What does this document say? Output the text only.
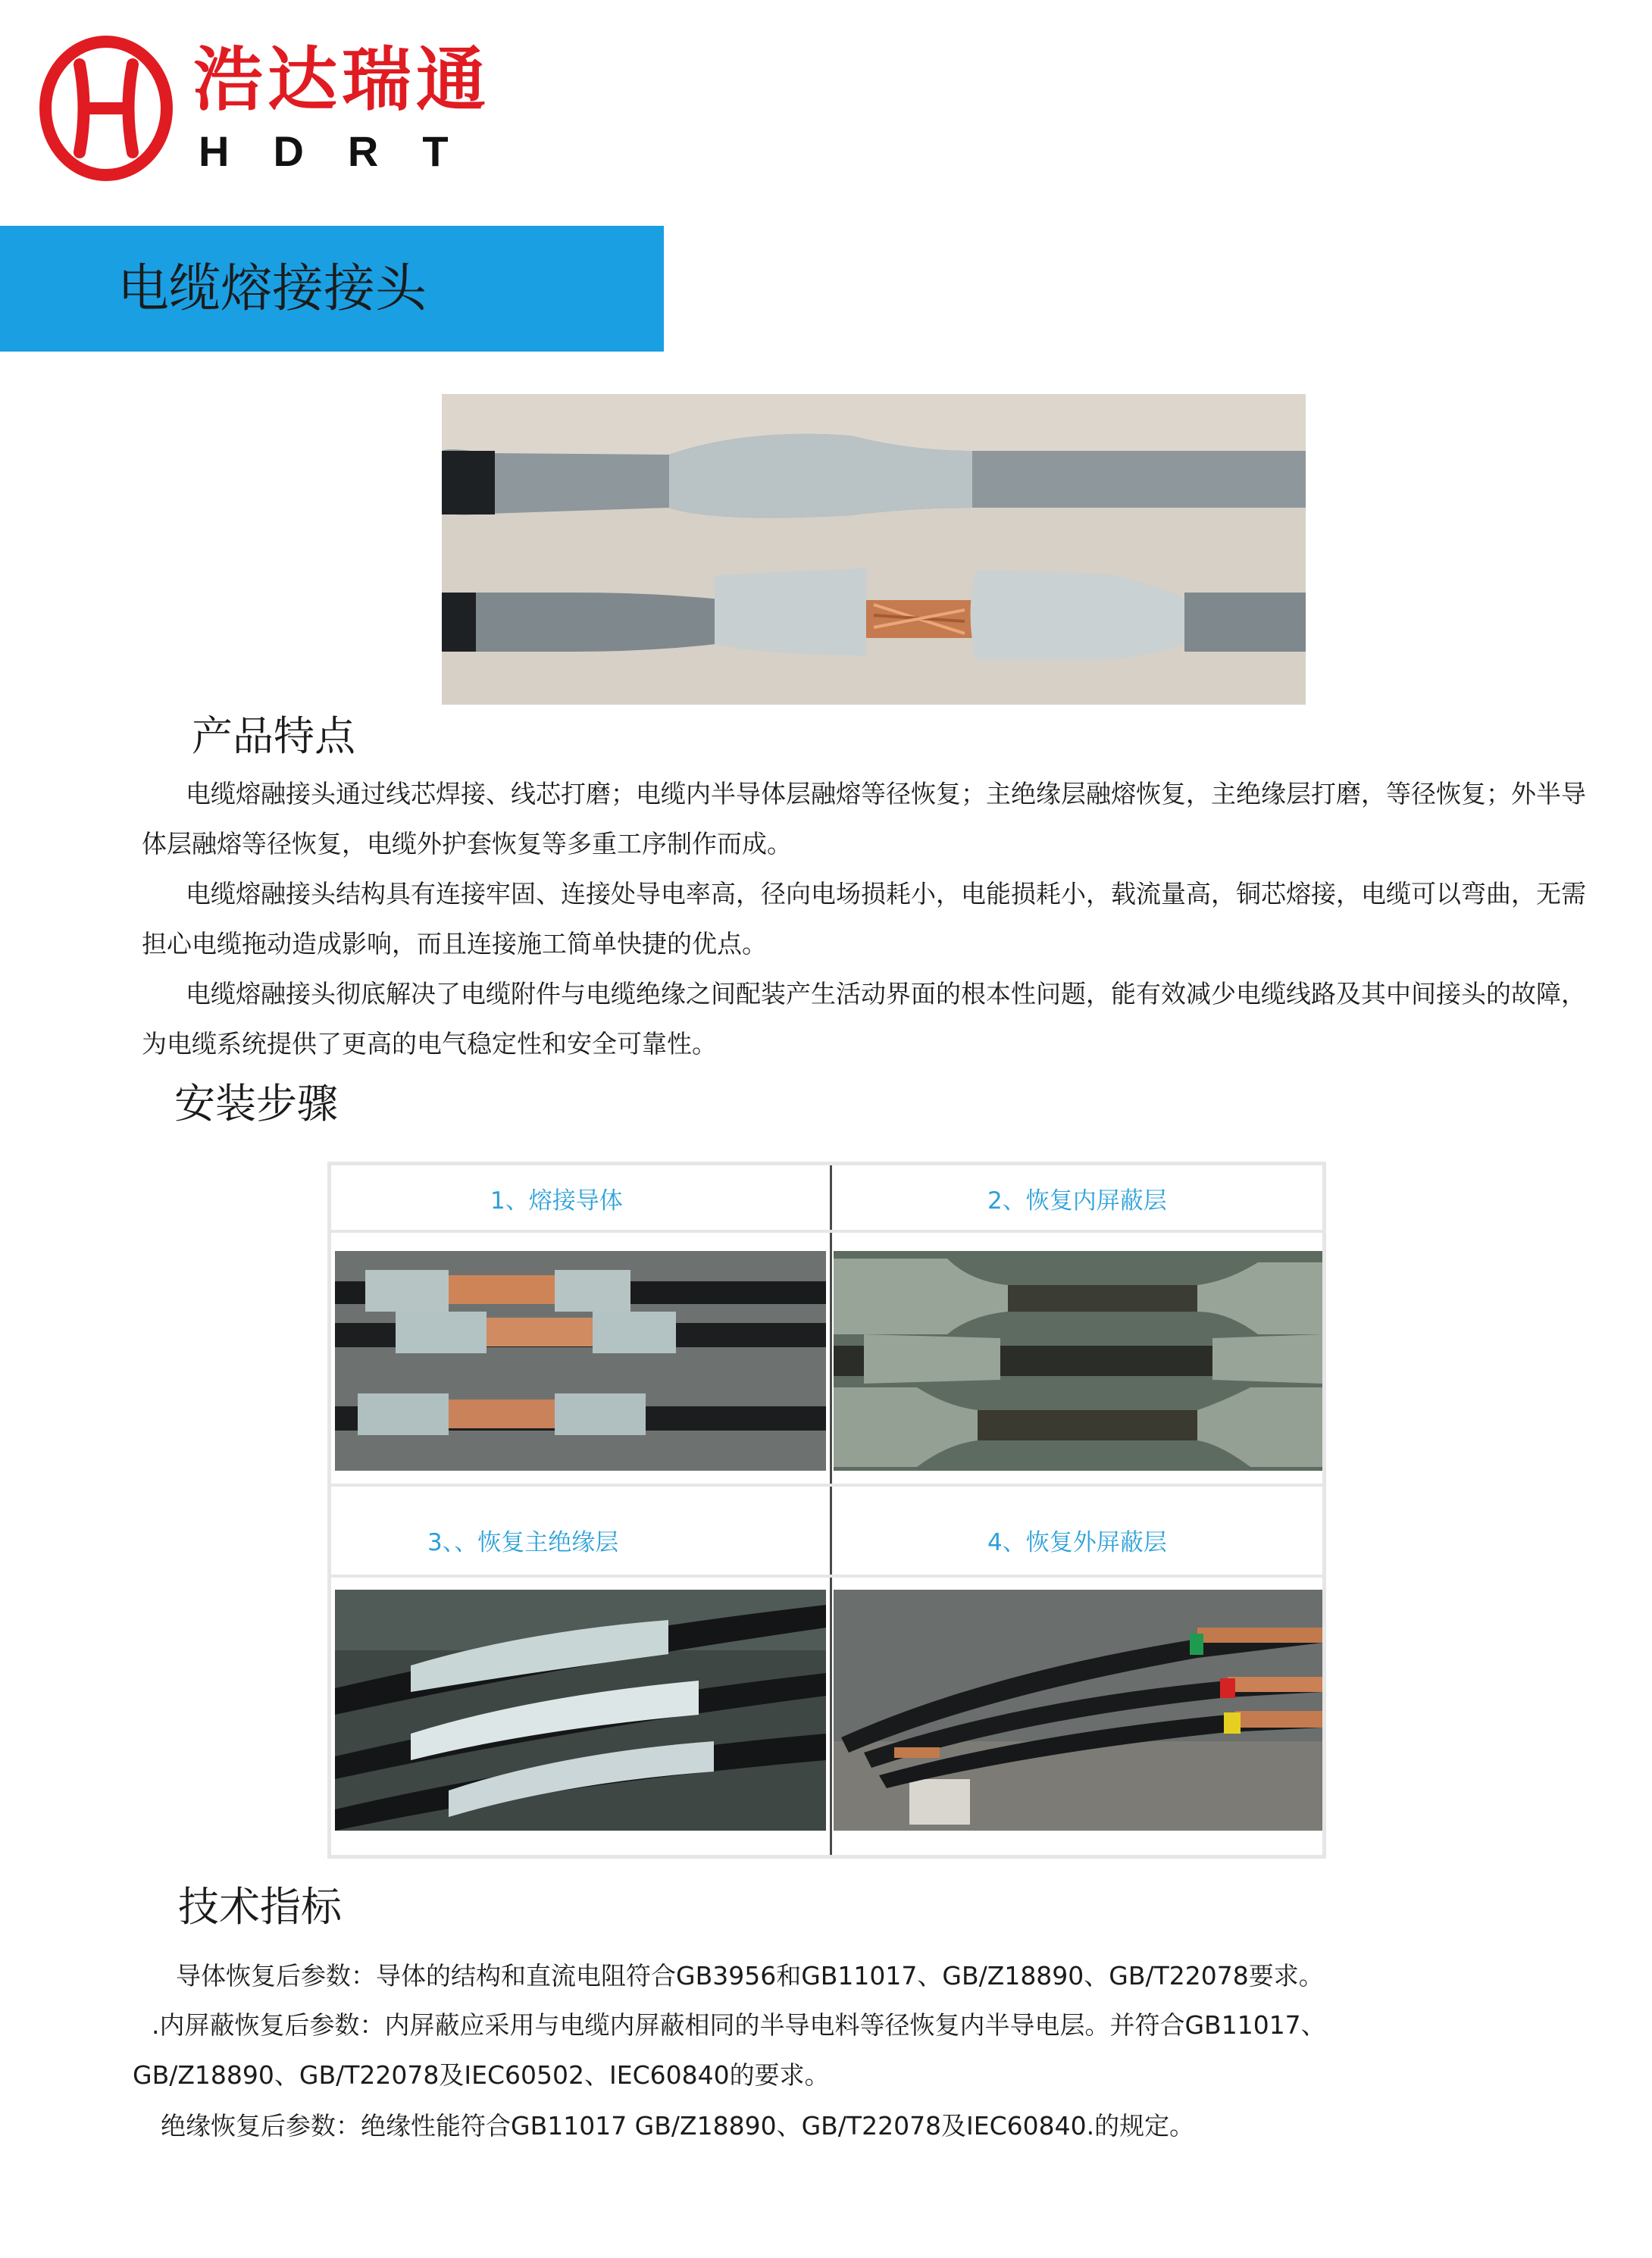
浩达瑞通
HDRT
电缆熔接接头
产品特点
电缆熔融接头通过线芯焊接、线芯打磨；电缆内半导体层融熔等径恢复；主绝缘层融熔恢复，主绝缘层打磨，等径恢复；外半导体层融熔等径恢复，电缆外护套恢复等多重工序制作而成。
电缆熔融接头结构具有连接牢固、连接处导电率高，径向电场损耗小，电能损耗小，载流量高，铜芯熔接，电缆可以弯曲，无需担心电缆拖动造成影响，而且连接施工简单快捷的优点。
电缆熔融接头彻底解决了电缆附件与电缆绝缘之间配装产生活动界面的根本性问题，能有效减少电缆线路及其中间接头的故障，为电缆系统提供了更高的电气稳定性和安全可靠性。
安装步骤
1、熔接导体	2、恢复内屏蔽层
3、、恢复主绝缘层	4、恢复外屏蔽层
技术指标
导体恢复后参数：导体的结构和直流电阻符合GB3956和GB11017、GB/Z18890、GB/T22078要求。
.内屏蔽恢复后参数：内屏蔽应采用与电缆内屏蔽相同的半导电料等径恢复内半导电层。并符合GB11017、
GB/Z18890、GB/T22078及IEC60502、IEC60840的要求。
绝缘恢复后参数：绝缘性能符合GB11017 GB/Z18890、GB/T22078及IEC60840.的规定。
